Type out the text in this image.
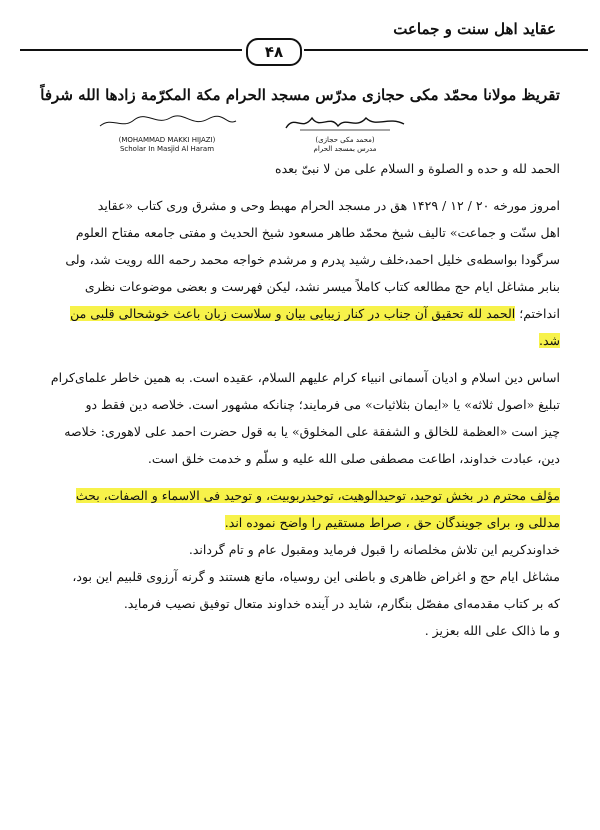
عقاید اهل سنت و جماعت
۴۸
تقریظ مولانا محمّد مکی حجازی مدرّس مسجد الحرام مکة المکرّمة زادها الله شرفاً
(MOHAMMAD MAKKI HIJAZI)
Scholar In Masjid Al Haram
(محمد مکی حجازی)
مدرس بمسجد الحرام
الحمد لله و حده و الصلوة و السلام علی من لا نبیّ بعده
امروز مورخه ۲۰ / ۱۲ / ۱۴۲۹ هق در مسجد الحرام مهبط وحی و مشرق وری کتاب «عقاید
اهل سنّت و جماعت» تالیف شیخ محمّد طاهر مسعود شیخ الحدیث و مفتی جامعه مفتاح العلوم
سرگودا بواسطه‌ی خلیل احمد،خلف رشید پدرم و مرشدم خواجه محمد رحمه الله رویت شد، ولی
بنابر مشاغل ایام حج مطالعه کتاب کاملاً میسر نشد، لیکن فهرست و بعضی موضوعات نظری
انداختم؛ الحمد لله تحقیق آن جناب در کنار زیبایی بیان و سلاست زبان باعث خوشحالی قلبی من
شد.
اساس دین اسلام و ادیان آسمانی انبیاء کرام علیهم السلام، عقیده است. به همین خاطر علمای‌کرام
تبلیغ «اصول ثلاثه» یا «ایمان بثلاثیات» می فرمایند؛ چنانکه مشهور است. خلاصه دین فقط دو
چیز است «العظمة للخالق و الشفقة علی المخلوق» یا به قول حضرت احمد علی لاهوری: خلاصه
دین، عبادت خداوند، اطاعت مصطفی صلی الله علیه و سلّم و خدمت خلق است.
مؤلف محترم در بخش توحید، توحیدالوهیت، توحیدربوبیت، و توحید فی الاسماء و الصفات، بحث
مدللی و، برای جویندگان حق ، صراط مستقیم را واضح نموده اند.
خداوندکریم این تلاش مخلصانه را قبول فرماید ومقبول عام و تام گرداند.
مشاغل ایام حج و اغراض ظاهری و باطنی این روسیاه، مانع هستند و گرنه آرزوی قلبیم این بود،
که بر کتاب مقدمه‌ای مفصّل بنگارم، شاید در آینده خداوند متعال توفیق نصیب فرماید.
و ما ذالک علی الله بعزیز .
